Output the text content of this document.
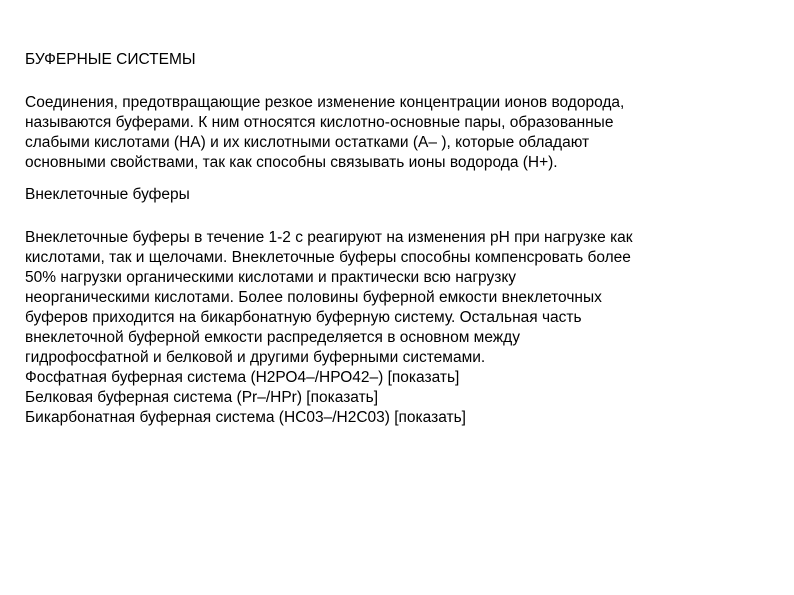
БУФЕРНЫЕ СИСТЕМЫ
Соединения, предотвращающие резкое изменение концентрации ионов водорода,
называются буферами. К ним относятся кислотно-основные пары, образованные
слабыми кислотами (НА) и их кислотными остатками (А– ), которые обладают
основными свойствами, так как способны связывать ионы водорода (Н+).
Внеклеточные буферы
Внеклеточные буферы в течение 1-2 с реагируют на изменения рН при нагрузке как
кислотами, так и щелочами. Внеклеточные буферы способны компенсровать более
50% нагрузки органическими кислотами и практически всю нагрузку
неорганическими кислотами. Более половины буферной емкости внеклеточных
буферов приходится на бикарбонатную буферную систему. Остальная часть
внеклеточной буферной емкости распределяется в основном между
гидрофосфатной и белковой и другими буферными системами.
Фосфатная буферная система (Н2РО4–/НРО42–) [показать]
Белковая буферная система (Pr–/HPr) [показать]
Бикарбонатная буферная система (НС03–/Н2С03) [показать]
